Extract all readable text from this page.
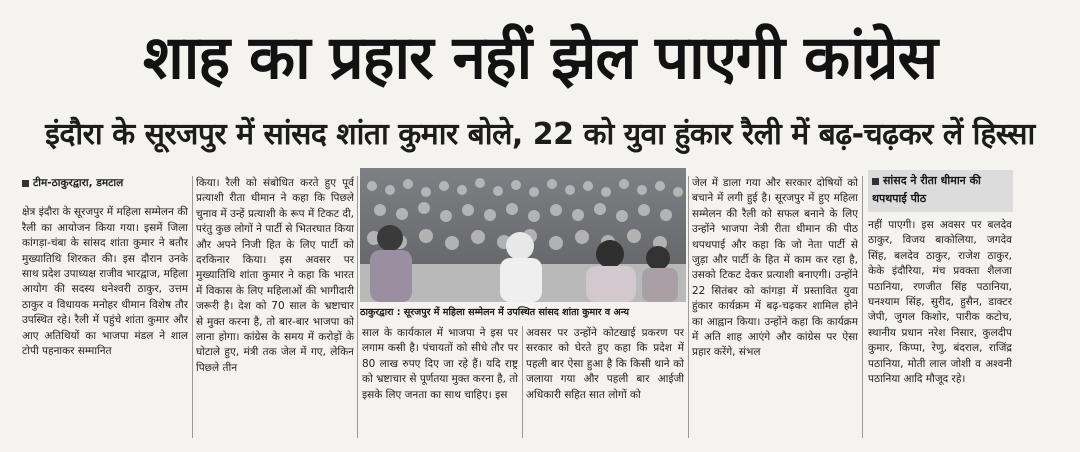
शाह का प्रहार नहीं झेल पाएगी कांग्रेस
इंदौरा के सूरजपुर में सांसद शांता कुमार बोले, 22 को युवा हुंकार रैली में बढ़-चढ़कर लें हिस्सा
टीम-ठाकुरद्वारा, डमटाल

क्षेत्र इंदौरा के सूरजपुर में महिला सम्मेलन की रैली का आयोजन किया गया। इसमें जिला कांगड़ा-चंबा के सांसद शांता कुमार ने बतौर मुख्यातिथि शिरकत की। इस दौरान उनके साथ प्रदेश उपाध्यक्ष राजीव भारद्वाज, महिला आयोग की सदस्य धनेश्वरी ठाकुर, उत्तम ठाकुर व विधायक मनोहर धीमान विशेष तौर उपस्थित रहे। रैली में पहुंचे शांता कुमार और आए अतिथियों का भाजपा मंडल ने शाल टोपी पहनाकर सम्मानित

किया। रैली को संबोधित करते हुए पूर्व प्रत्याशी रीता धीमान ने कहा कि पिछले चुनाव में उन्हें प्रत्याशी के रूप में टिकट दी, परंतु कुछ लोगों ने पार्टी से भितरघात किया और अपने निजी हित के लिए पार्टी को दरकिनार किया। इस अवसर पर मुख्यातिथि शांता कुमार ने कहा कि भारत में विकास के लिए महिलाओं की भागीदारी जरूरी है। देश को 70 साल के भ्रष्टाचार से मुक्त करना है, तो बार-बार भाजपा को लाना होगा। कांग्रेस के समय में करोड़ों के घोटाले हुए, मंत्री तक जेल में गए, लेकिन पिछले तीन

ठाकुरद्वारा : सूरजपुर में महिला सम्मेलन में उपस्थित सांसद शांता कुमार व अन्य

साल के कार्यकाल में भाजपा ने इस पर लगाम कसी है। पंचायतों को सीधे तौर पर 80 लाख रुपए दिए जा रहे हैं। यदि राष्ट्र को भ्रष्टाचार से पूर्णतया मुक्त करना है, तो इसके लिए जनता का साथ चाहिए। इस

अवसर पर उन्होंने कोटखाई प्रकरण पर सरकार को घेरते हुए कहा कि प्रदेश में पहली बार ऐसा हुआ है कि किसी थाने को जलाया गया और पहली बार आईजी अधिकारी सहित सात लोगों को

जेल में डाला गया और सरकार दोषियों को बचाने में लगी हुई है। सूरजपुर में हुए महिला सम्मेलन की रैली को सफल बनाने के लिए उन्होंने भाजपा नेत्री रीता धीमान की पीठ थपथपाई और कहा कि जो नेता पार्टी से जुड़ा और पार्टी के हित में काम कर रहा है, उसको टिकट देकर प्रत्याशी बनाएगी। उन्होंने 22 सितंबर को कांगड़ा में प्रस्तावित युवा हुंकार कार्यक्रम में बढ़-चढ़कर शामिल होने का आह्वान किया। उन्होंने कहा कि कार्यक्रम में अति शाह आएंगे और कांग्रेस पर ऐसा प्रहार करेंगे, संभल

सांसद ने रीता धीमान की थपथपाई पीठ

नहीं पाएगी। इस अवसर पर बलदेव ठाकुर, विजय बाकोलिया, जगदेव सिंह, बलदेव ठाकुर, राजेश ठाकुर, केके इंदौरिया, मंच प्रवक्ता शैलजा पठानिया, रणजीत सिंह पठानिया, घनश्याम सिंह, सुरीद, हुसैन, डाक्टर जेपी, जुगल किशोर, पारीक कटोच, स्थानीय प्रधान नरेश निसार, कुलदीप कुमार, किप्पा, रेणु, बंदराल, राजिंद्र पठानिया, मोती लाल जोशी व अश्वनी पठानिया आदि मौजूद रहे।
